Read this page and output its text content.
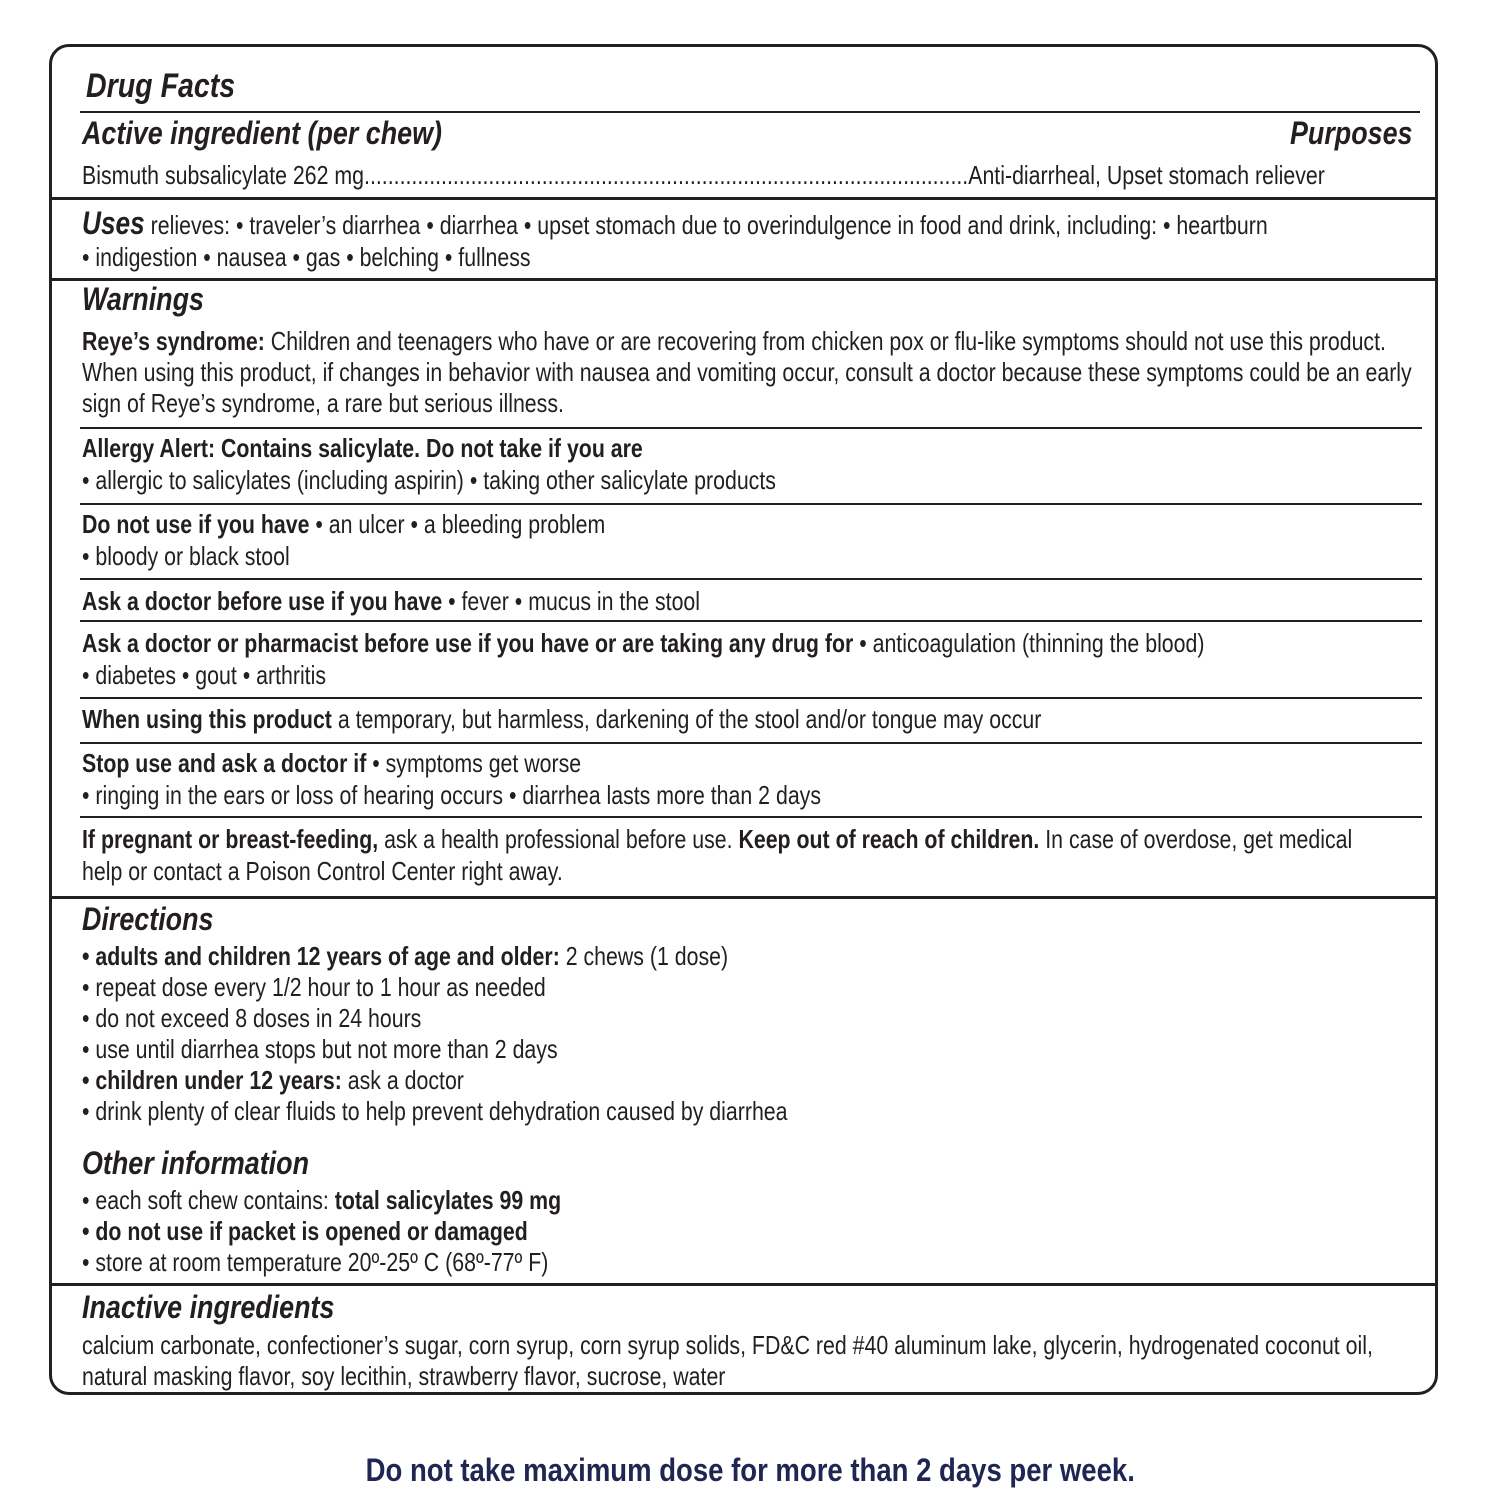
Drug Facts
Active ingredient (per chew)	Purposes
Bismuth subsalicylate 262 mg......................................................................................................Anti-diarrheal, Upset stomach reliever
Uses relieves: • traveler’s diarrhea • diarrhea • upset stomach due to overindulgence in food and drink, including: • heartburn
• indigestion • nausea • gas • belching • fullness
Warnings
Reye’s syndrome: Children and teenagers who have or are recovering from chicken pox or flu-like symptoms should not use this product.
When using this product, if changes in behavior with nausea and vomiting occur, consult a doctor because these symptoms could be an early
sign of Reye’s syndrome, a rare but serious illness.
Allergy Alert: Contains salicylate. Do not take if you are
• allergic to salicylates (including aspirin) • taking other salicylate products
Do not use if you have • an ulcer • a bleeding problem
• bloody or black stool
Ask a doctor before use if you have • fever • mucus in the stool
Ask a doctor or pharmacist before use if you have or are taking any drug for • anticoagulation (thinning the blood)
• diabetes • gout • arthritis
When using this product a temporary, but harmless, darkening of the stool and/or tongue may occur
Stop use and ask a doctor if • symptoms get worse
• ringing in the ears or loss of hearing occurs • diarrhea lasts more than 2 days
If pregnant or breast-feeding, ask a health professional before use. Keep out of reach of children. In case of overdose, get medical
help or contact a Poison Control Center right away.
Directions
• adults and children 12 years of age and older: 2 chews (1 dose)
• repeat dose every 1/2 hour to 1 hour as needed
• do not exceed 8 doses in 24 hours
• use until diarrhea stops but not more than 2 days
• children under 12 years: ask a doctor
• drink plenty of clear fluids to help prevent dehydration caused by diarrhea
Other information
• each soft chew contains: total salicylates 99 mg
• do not use if packet is opened or damaged
• store at room temperature 20º-25º C (68º-77º F)
Inactive ingredients
calcium carbonate, confectioner’s sugar, corn syrup, corn syrup solids, FD&C red #40 aluminum lake, glycerin, hydrogenated coconut oil,
natural masking flavor, soy lecithin, strawberry flavor, sucrose, water
Do not take maximum dose for more than 2 days per week.
